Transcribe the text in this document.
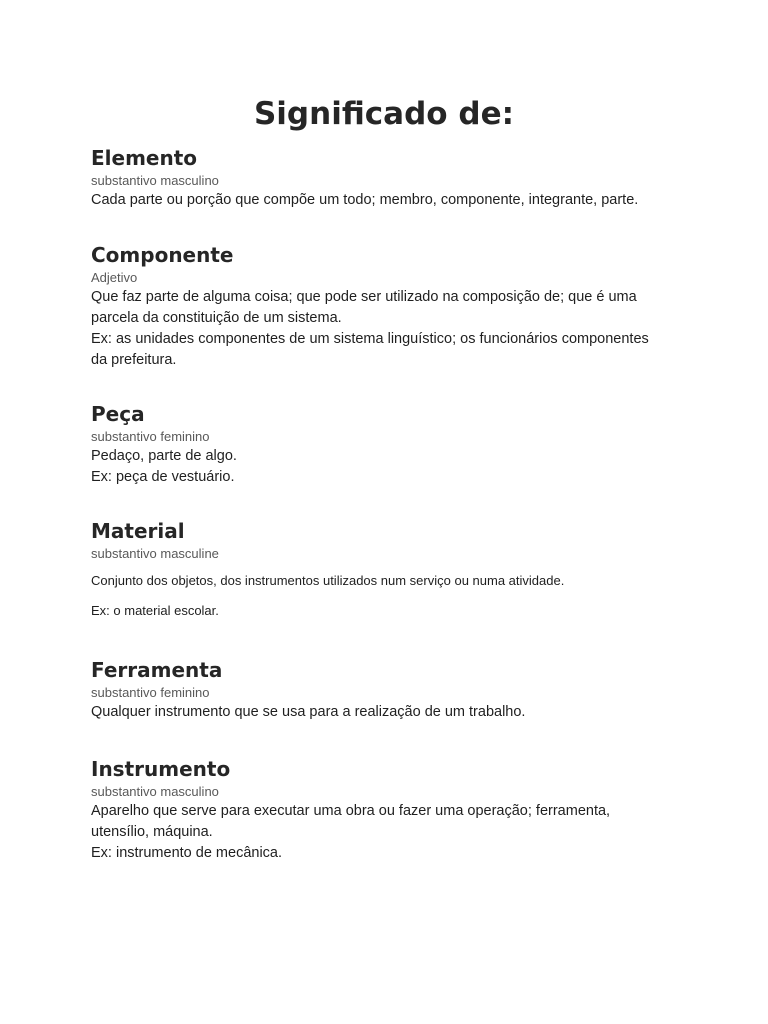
Significado de:
Elemento
substantivo masculino
Cada parte ou porção que compõe um todo; membro, componente, integrante, parte.
Componente
Adjetivo
Que faz parte de alguma coisa; que pode ser utilizado na composição de; que é uma
parcela da constituição de um sistema.
Ex: as unidades componentes de um sistema linguístico; os funcionários componentes
da prefeitura.
Peça
substantivo feminino
Pedaço, parte de algo.
Ex: peça de vestuário.
Material
substantivo masculine
Conjunto dos objetos, dos instrumentos utilizados num serviço ou numa atividade.
Ex: o material escolar.
Ferramenta
substantivo feminino
Qualquer instrumento que se usa para a realização de um trabalho.
Instrumento
substantivo masculino
Aparelho que serve para executar uma obra ou fazer uma operação; ferramenta,
utensílio, máquina.
Ex: instrumento de mecânica.
